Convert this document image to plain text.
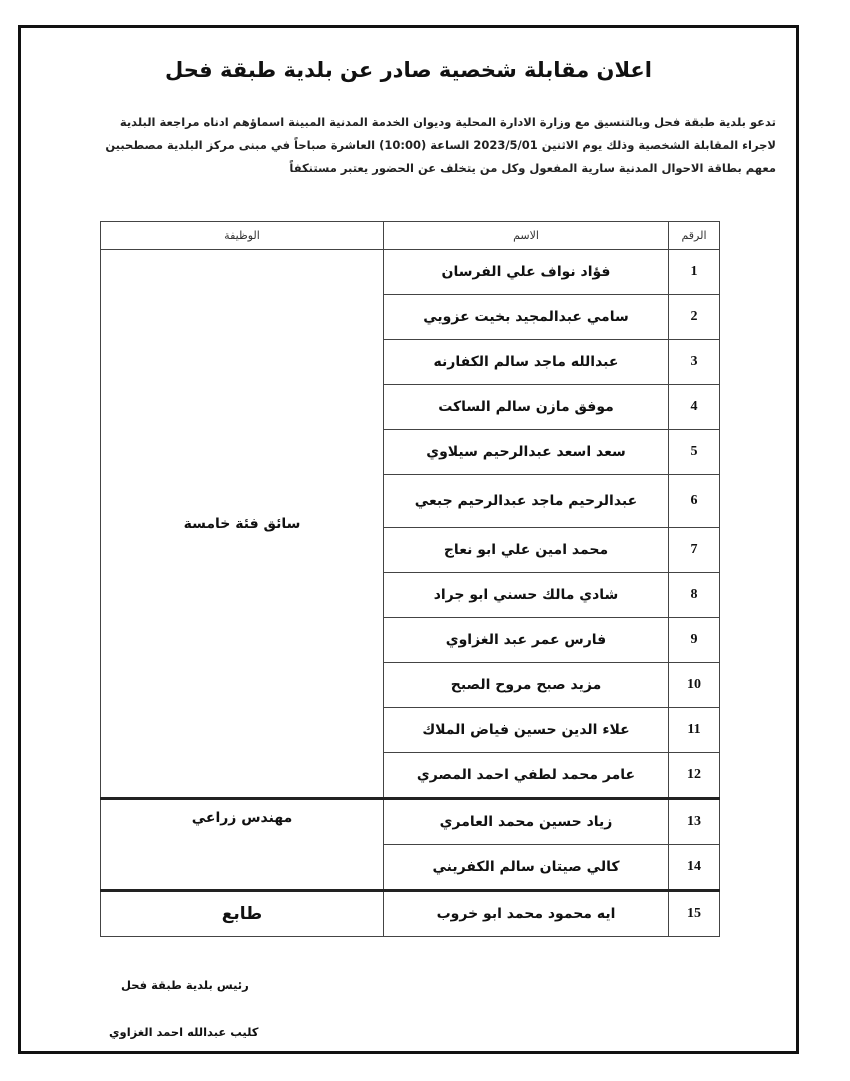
اعلان مقابلة شخصية صادر عن بلدية طبقة فحل
تدعو بلدية طبقة فحل وبالتنسيق مع وزارة الادارة المحلية وديوان الخدمة المدنية المبينة اسماؤهم ادناه مراجعة البلدية لاجراء المقابلة الشخصية وذلك يوم الاثنين 2023/5/01 الساعة (10:00) العاشرة صباحاً في مبنى مركز البلدية مصطحبين معهم بطاقة الاحوال المدنية سارية المفعول وكل من يتخلف عن الحضور يعتبر مستنكفاً
الرقم	الاسم	الوظيفة
1	فؤاد نواف علي الفرسان	سائق فئة خامسة
2	سامي عبدالمجيد بخيت عزويي	
3	عبدالله ماجد سالم الكفارنه	
4	موفق مازن سالم الساكت	
5	سعد اسعد عبدالرحيم سيلاوي	
6	عبدالرحيم ماجد عبدالرحيم جبعي	
7	محمد امين علي ابو نعاج	
8	شادي مالك حسني ابو جراد	
9	فارس عمر عبد الغزاوي	
10	مزيد صبح مروح الصبح	
11	علاء الدين حسين فياض الملاك	
12	عامر محمد لطفي احمد المصري	
13	زياد حسين محمد العامري	مهندس زراعي
14	كالي صيتان سالم الكفريني	
15	ايه محمود محمد ابو خروب	طابع
رئيس بلدية طبقة فحل
كليب عبدالله احمد الغزاوي
